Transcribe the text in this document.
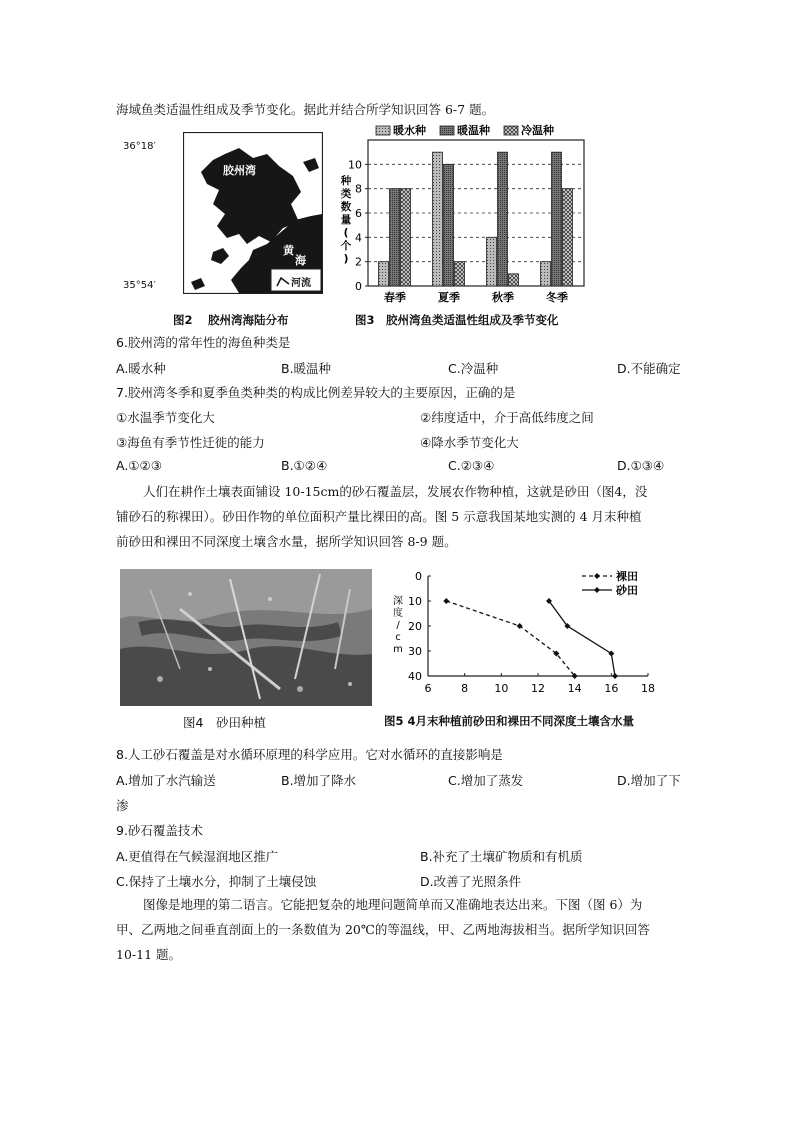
海域鱼类适温性组成及季节变化。据此并结合所学知识回答 6-7 题。
胶州湾
黄
海
河流
36°18′
35°54′
图2　 胶州湾海陆分布
0
2
4
6
8
10
种
类
数
量
(
个
)
春季	夏季	秋季	冬季
暖水种	暖温种	冷温种
图3　胶州湾鱼类适温性组成及季节变化
6.胶州湾的常年性的海鱼种类是
A.暖水种	B.暖温种	C.冷温种	D.不能确定
7.胶州湾冬季和夏季鱼类种类的构成比例差异较大的主要原因，正确的是
①水温季节变化大	②纬度适中，介于高低纬度之间
③海鱼有季节性迁徙的能力	④降水季节变化大
A.①②③	B.①②④	C.②③④	D.①③④
人们在耕作土壤表面铺设 10-15cm的砂石覆盖层，发展农作物种植，这就是砂田（图4，没
铺砂石的称裸田）。砂田作物的单位面积产量比裸田的高。图 5 示意我国某地实测的 4 月末种植
前砂田和裸田不同深度土壤含水量，据所学知识回答 8-9 题。
图4　砂田种植
0
10
20
30
40
6	8 10 12 14 16 18
深
度
/
c
m
裸田
砂田
图5 4月末种植前砂田和裸田不同深度土壤含水量
8.人工砂石覆盖是对水循环原理的科学应用。它对水循环的直接影响是
A.增加了水汽输送	B.增加了降水	C.增加了蒸发	D.增加了下
渗
9.砂石覆盖技术
A.更值得在气候湿润地区推广	B.补充了土壤矿物质和有机质
C.保持了土壤水分，抑制了土壤侵蚀	D.改善了光照条件
图像是地理的第二语言。它能把复杂的地理问题简单而又准确地表达出来。下图（图 6）为
甲、乙两地之间垂直剖面上的一条数值为 20℃的等温线，甲、乙两地海拔相当。据所学知识回答
10-11 题。
